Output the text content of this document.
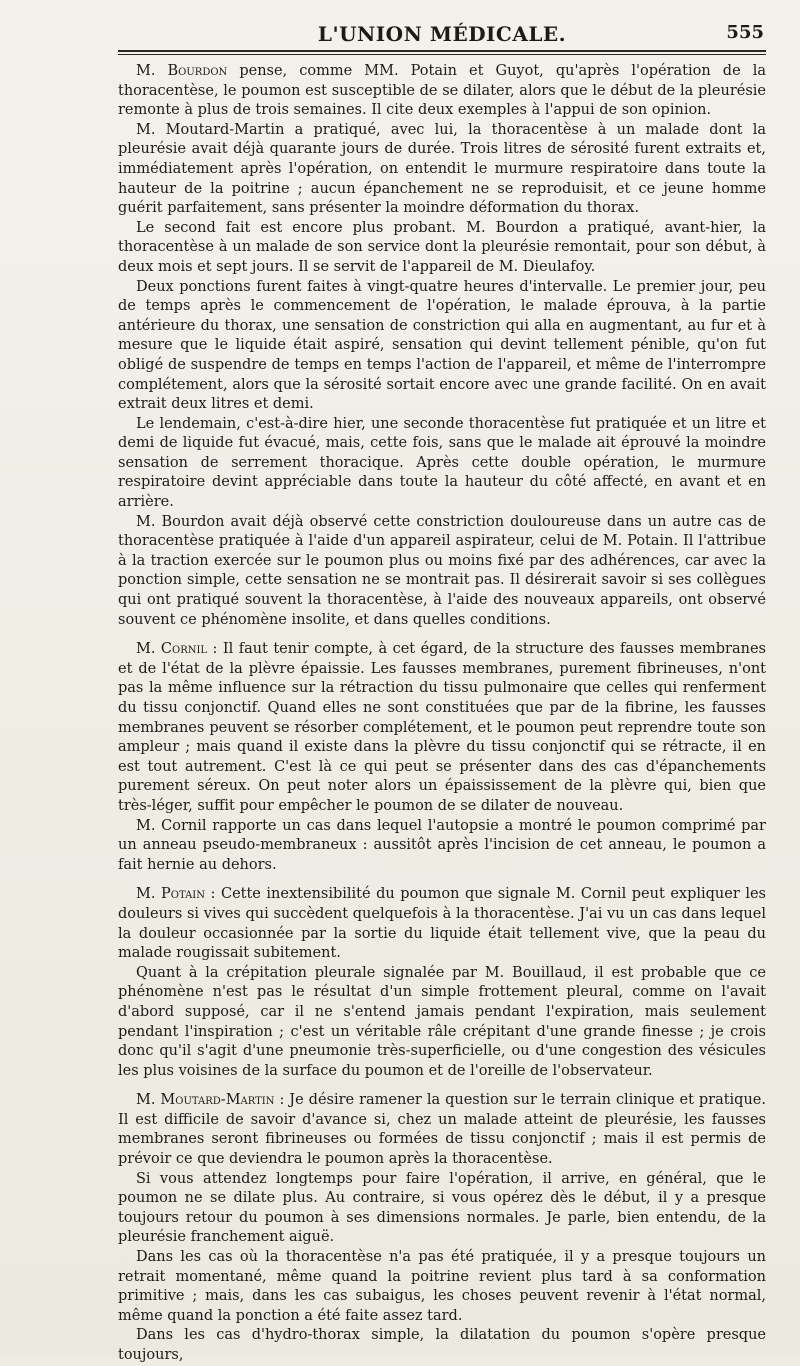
L'UNION MÉDICALE.	555

M. Bourdon pense, comme MM. Potain et Guyot, qu'après l'opération de la thoracentèse, le poumon est susceptible de se dilater, alors que le début de la pleurésie remonte à plus de trois semaines. Il cite deux exemples à l'appui de son opinion.

M. Moutard-Martin a pratiqué, avec lui, la thoracentèse à un malade dont la pleurésie avait déjà quarante jours de durée. Trois litres de sérosité furent extraits et, immédiatement après l'opération, on entendit le murmure respiratoire dans toute la hauteur de la poitrine ; aucun épanchement ne se reproduisit, et ce jeune homme guérit parfaitement, sans présenter la moindre déformation du thorax.

Le second fait est encore plus probant. M. Bourdon a pratiqué, avant-hier, la thoracentèse à un malade de son service dont la pleurésie remontait, pour son début, à deux mois et sept jours. Il se servit de l'appareil de M. Dieulafoy.

Deux ponctions furent faites à vingt-quatre heures d'intervalle. Le premier jour, peu de temps après le commencement de l'opération, le malade éprouva, à la partie antérieure du thorax, une sensation de constriction qui alla en augmentant, au fur et à mesure que le liquide était aspiré, sensation qui devint tellement pénible, qu'on fut obligé de suspendre de temps en temps l'action de l'appareil, et même de l'interrompre complétement, alors que la sérosité sortait encore avec une grande facilité. On en avait extrait deux litres et demi.

Le lendemain, c'est-à-dire hier, une seconde thoracentèse fut pratiquée et un litre et demi de liquide fut évacué, mais, cette fois, sans que le malade ait éprouvé la moindre sensation de serrement thoracique. Après cette double opération, le murmure respiratoire devint appréciable dans toute la hauteur du côté affecté, en avant et en arrière.

M. Bourdon avait déjà observé cette constriction douloureuse dans un autre cas de thoracentèse pratiquée à l'aide d'un appareil aspirateur, celui de M. Potain. Il l'attribue à la traction exercée sur le poumon plus ou moins fixé par des adhérences, car avec la ponction simple, cette sensation ne se montrait pas. Il désirerait savoir si ses collègues qui ont pratiqué souvent la thoracentèse, à l'aide des nouveaux appareils, ont observé souvent ce phénomène insolite, et dans quelles conditions.

M. Cornil : Il faut tenir compte, à cet égard, de la structure des fausses membranes et de l'état de la plèvre épaissie. Les fausses membranes, purement fibrineuses, n'ont pas la même influence sur la rétraction du tissu pulmonaire que celles qui renferment du tissu conjonctif. Quand elles ne sont constituées que par de la fibrine, les fausses membranes peuvent se résorber complétement, et le poumon peut reprendre toute son ampleur ; mais quand il existe dans la plèvre du tissu conjonctif qui se rétracte, il en est tout autrement. C'est là ce qui peut se présenter dans des cas d'épanchements purement séreux. On peut noter alors un épaississement de la plèvre qui, bien que très-léger, suffit pour empêcher le poumon de se dilater de nouveau.

M. Cornil rapporte un cas dans lequel l'autopsie a montré le poumon comprimé par un anneau pseudo-membraneux : aussitôt après l'incision de cet anneau, le poumon a fait hernie au dehors.

M. Potain : Cette inextensibilité du poumon que signale M. Cornil peut expliquer les douleurs si vives qui succèdent quelquefois à la thoracentèse. J'ai vu un cas dans lequel la douleur occasionnée par la sortie du liquide était tellement vive, que la peau du malade rougissait subitement.

Quant à la crépitation pleurale signalée par M. Bouillaud, il est probable que ce phénomène n'est pas le résultat d'un simple frottement pleural, comme on l'avait d'abord supposé, car il ne s'entend jamais pendant l'expiration, mais seulement pendant l'inspiration ; c'est un véritable râle crépitant d'une grande finesse ; je crois donc qu'il s'agit d'une pneumonie très-superficielle, ou d'une congestion des vésicules les plus voisines de la surface du poumon et de l'oreille de l'observateur.

M. Moutard-Martin : Je désire ramener la question sur le terrain clinique et pratique. Il est difficile de savoir d'avance si, chez un malade atteint de pleurésie, les fausses membranes seront fibrineuses ou formées de tissu conjonctif ; mais il est permis de prévoir ce que deviendra le poumon après la thoracentèse.

Si vous attendez longtemps pour faire l'opération, il arrive, en général, que le poumon ne se dilate plus. Au contraire, si vous opérez dès le début, il y a presque toujours retour du poumon à ses dimensions normales. Je parle, bien entendu, de la pleurésie franchement aiguë.

Dans les cas où la thoracentèse n'a pas été pratiquée, il y a presque toujours un retrait momentané, même quand la poitrine revient plus tard à sa conformation primitive ; mais, dans les cas subaigus, les choses peuvent revenir à l'état normal, même quand la ponction a été faite assez tard.

Dans les cas d'hydro-thorax simple, la dilatation du poumon s'opère presque toujours,
